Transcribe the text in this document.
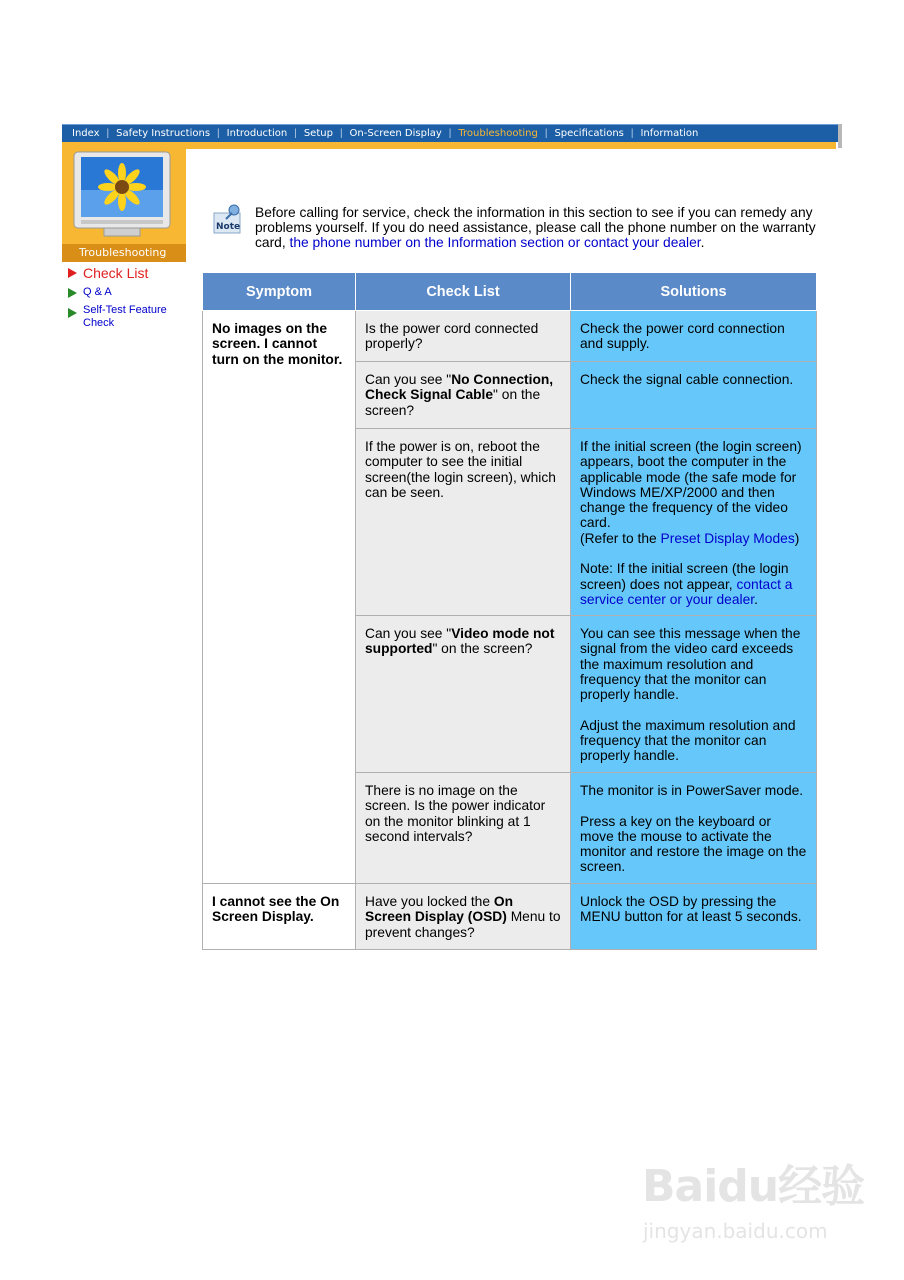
Index | Safety Instructions | Introduction | Setup | On-Screen Display | Troubleshooting | Specifications | Information
Troubleshooting
Check List
Q & A
Self-Test Feature Check
Note
Before calling for service, check the information in this section to see if you can remedy any problems yourself. If you do need assistance, please call the phone number on the warranty card, the phone number on the Information section or contact your dealer.
Symptom	Check List	Solutions
No images on the screen. I cannot turn on the monitor.	Is the power cord connected properly?	Check the power cord connection and supply.
	Can you see "No Connection, Check Signal Cable" on the screen?	Check the signal cable connection.
	If the power is on, reboot the computer to see the initial screen(the login screen), which can be seen.	If the initial screen (the login screen) appears, boot the computer in the applicable mode (the safe mode for Windows ME/XP/2000 and then change the frequency of the video card.
(Refer to the Preset Display Modes)

Note: If the initial screen (the login screen) does not appear, contact a service center or your dealer.
	Can you see "Video mode not supported" on the screen?	You can see this message when the signal from the video card exceeds the maximum resolution and frequency that the monitor can properly handle.

Adjust the maximum resolution and frequency that the monitor can properly handle.
	There is no image on the screen. Is the power indicator on the monitor blinking at 1 second intervals?	The monitor is in PowerSaver mode.

Press a key on the keyboard or move the mouse to activate the monitor and restore the image on the screen.
I cannot see the On Screen Display.	Have you locked the On Screen Display (OSD) Menu to prevent changes?	Unlock the OSD by pressing the MENU button for at least 5 seconds.
Baidu经验
jingyan.baidu.com
